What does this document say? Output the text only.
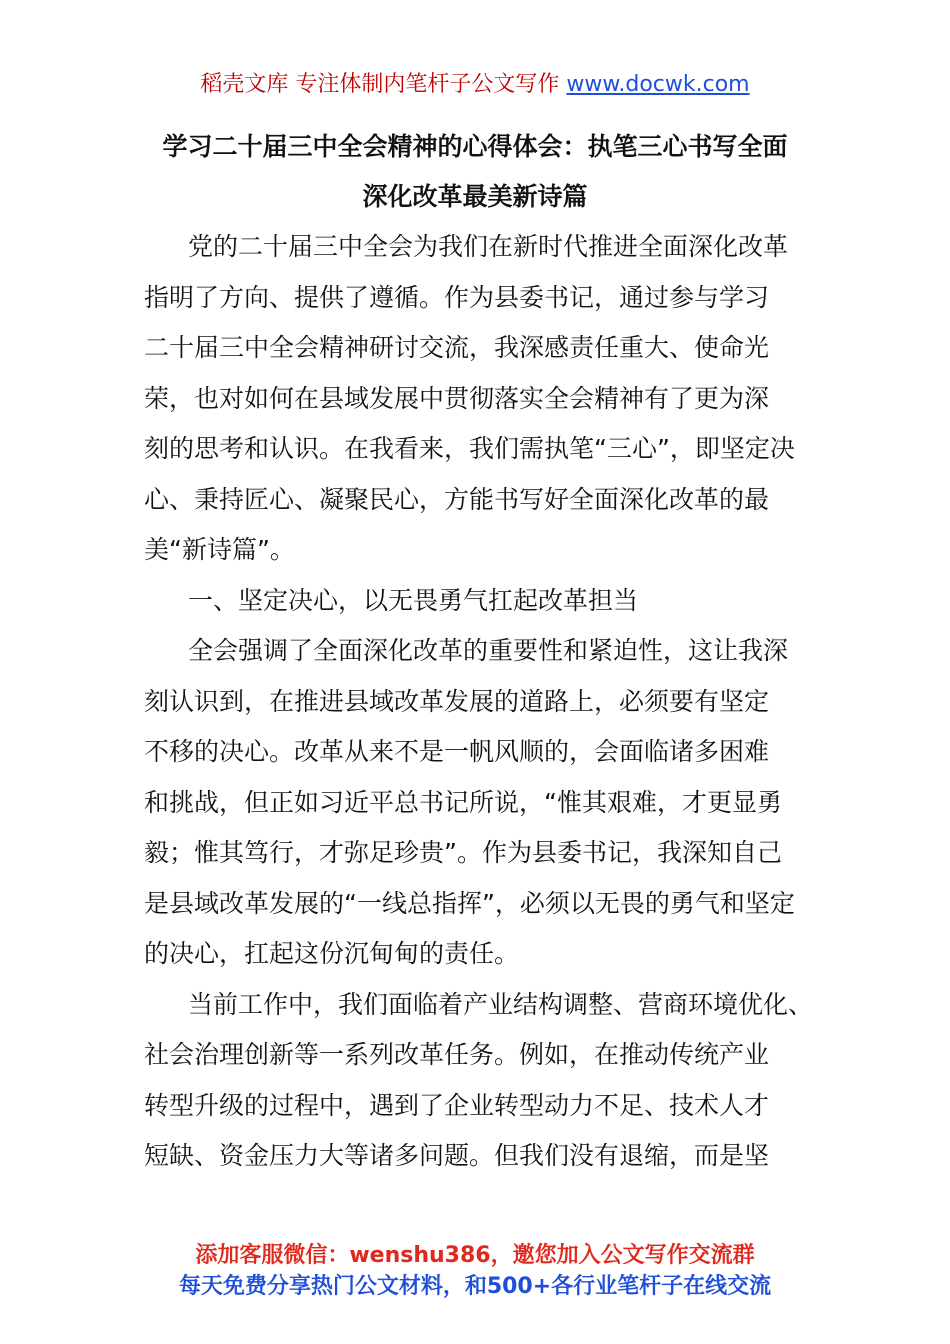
稻壳文库 专注体制内笔杆子公文写作 www.docwk.com
学习二十届三中全会精神的心得体会：执笔三心书写全面
深化改革最美新诗篇
党的二十届三中全会为我们在新时代推进全面深化改革
指明了方向、提供了遵循。作为县委书记，通过参与学习
二十届三中全会精神研讨交流，我深感责任重大、使命光
荣，也对如何在县域发展中贯彻落实全会精神有了更为深
刻的思考和认识。在我看来，我们需执笔“三心”，即坚定决
心、秉持匠心、凝聚民心，方能书写好全面深化改革的最
美“新诗篇”。
一、坚定决心，以无畏勇气扛起改革担当
全会强调了全面深化改革的重要性和紧迫性，这让我深
刻认识到，在推进县域改革发展的道路上，必须要有坚定
不移的决心。改革从来不是一帆风顺的，会面临诸多困难
和挑战，但正如习近平总书记所说，“惟其艰难，才更显勇
毅；惟其笃行，才弥足珍贵”。作为县委书记，我深知自己
是县域改革发展的“一线总指挥”，必须以无畏的勇气和坚定
的决心，扛起这份沉甸甸的责任。
当前工作中，我们面临着产业结构调整、营商环境优化、
社会治理创新等一系列改革任务。例如，在推动传统产业
转型升级的过程中，遇到了企业转型动力不足、技术人才
短缺、资金压力大等诸多问题。但我们没有退缩，而是坚
添加客服微信：wenshu386，邀您加入公文写作交流群
每天免费分享热门公文材料，和500+各行业笔杆子在线交流
